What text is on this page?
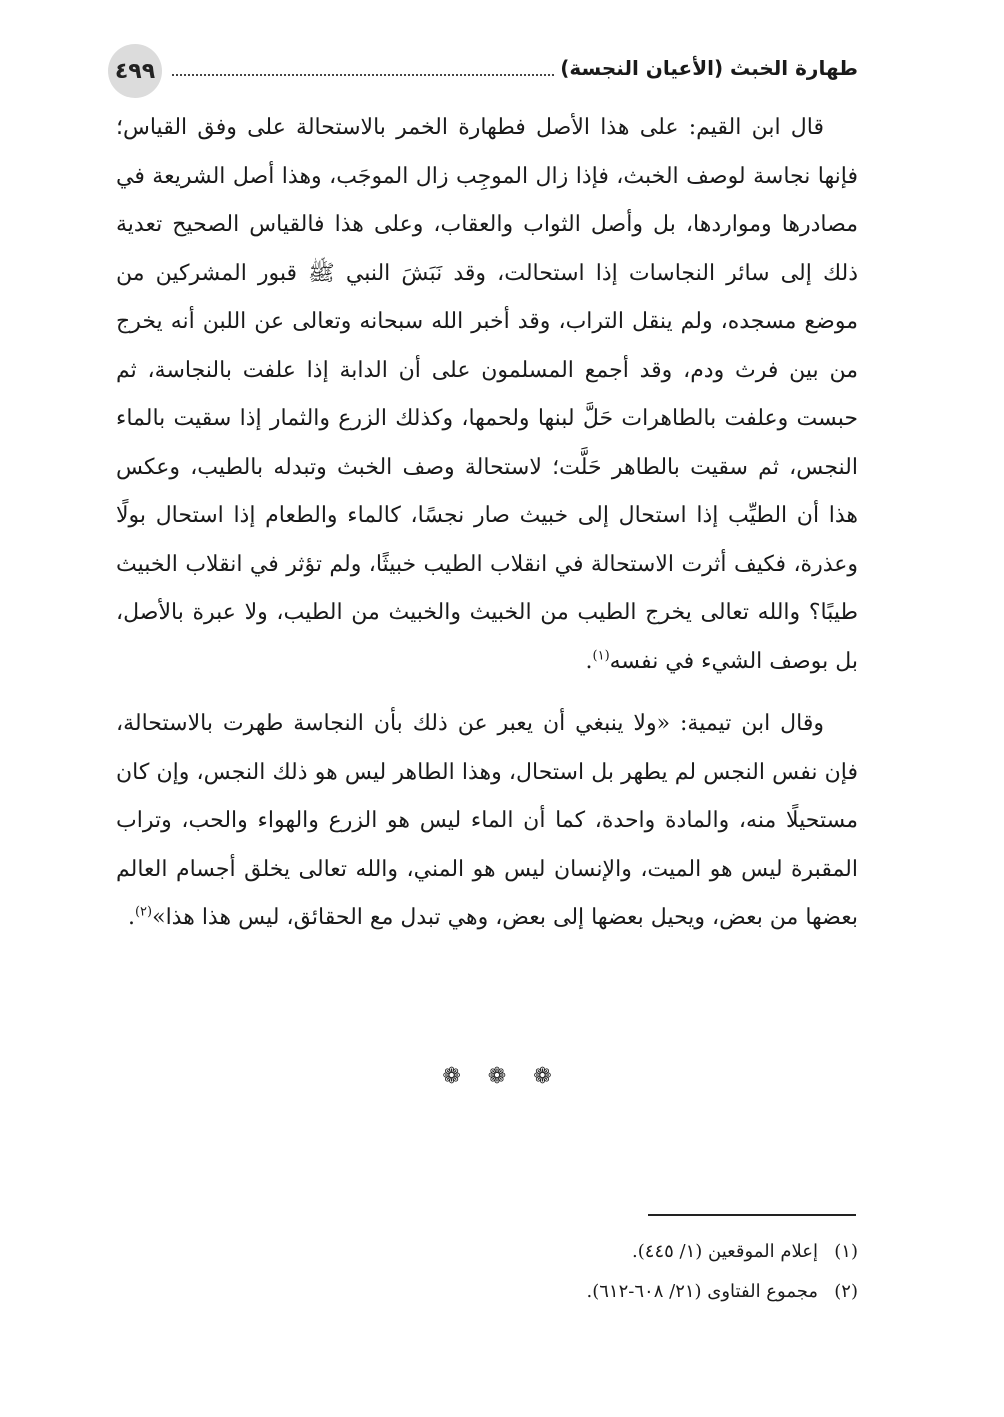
٤٩٩	طهارة الخبث (الأعيان النجسة)

قال ابن القيم: على هذا الأصل فطهارة الخمر بالاستحالة على وفق القياس؛ فإنها نجاسة لوصف الخبث، فإذا زال الموجِب زال الموجَب، وهذا أصل الشريعة في مصادرها ومواردها، بل وأصل الثواب والعقاب، وعلى هذا فالقياس الصحيح تعدية ذلك إلى سائر النجاسات إذا استحالت، وقد نَبَشَ النبي ﷺ قبور المشركين من موضع مسجده، ولم ينقل التراب، وقد أخبر الله سبحانه وتعالى عن اللبن أنه يخرج من بين فرث ودم، وقد أجمع المسلمون على أن الدابة إذا علفت بالنجاسة، ثم حبست وعلفت بالطاهرات حَلَّ لبنها ولحمها، وكذلك الزرع والثمار إذا سقيت بالماء النجس، ثم سقيت بالطاهر حَلَّت؛ لاستحالة وصف الخبث وتبدله بالطيب، وعكس هذا أن الطيِّب إذا استحال إلى خبيث صار نجسًا، كالماء والطعام إذا استحال بولًا وعذرة، فكيف أثرت الاستحالة في انقلاب الطيب خبيثًا، ولم تؤثر في انقلاب الخبيث طيبًا؟ والله تعالى يخرج الطيب من الخبيث والخبيث من الطيب، ولا عبرة بالأصل، بل بوصف الشيء في نفسه$^{(١)}$.

وقال ابن تيمية: «ولا ينبغي أن يعبر عن ذلك بأن النجاسة طهرت بالاستحالة، فإن نفس النجس لم يطهر بل استحال، وهذا الطاهر ليس هو ذلك النجس، وإن كان مستحيلًا منه، والمادة واحدة، كما أن الماء ليس هو الزرع والهواء والحب، وتراب المقبرة ليس هو الميت، والإنسان ليس هو المني، والله تعالى يخلق أجسام العالم بعضها من بعض، ويحيل بعضها إلى بعض، وهي تبدل مع الحقائق، ليس هذا هذا»$^{(٢)}$.

❁ ❁ ❁
(١)إعلام الموقعين (١/ ٤٤٥).
(٢)مجموع الفتاوى (٢١/ ٦٠٨-٦١٢).
